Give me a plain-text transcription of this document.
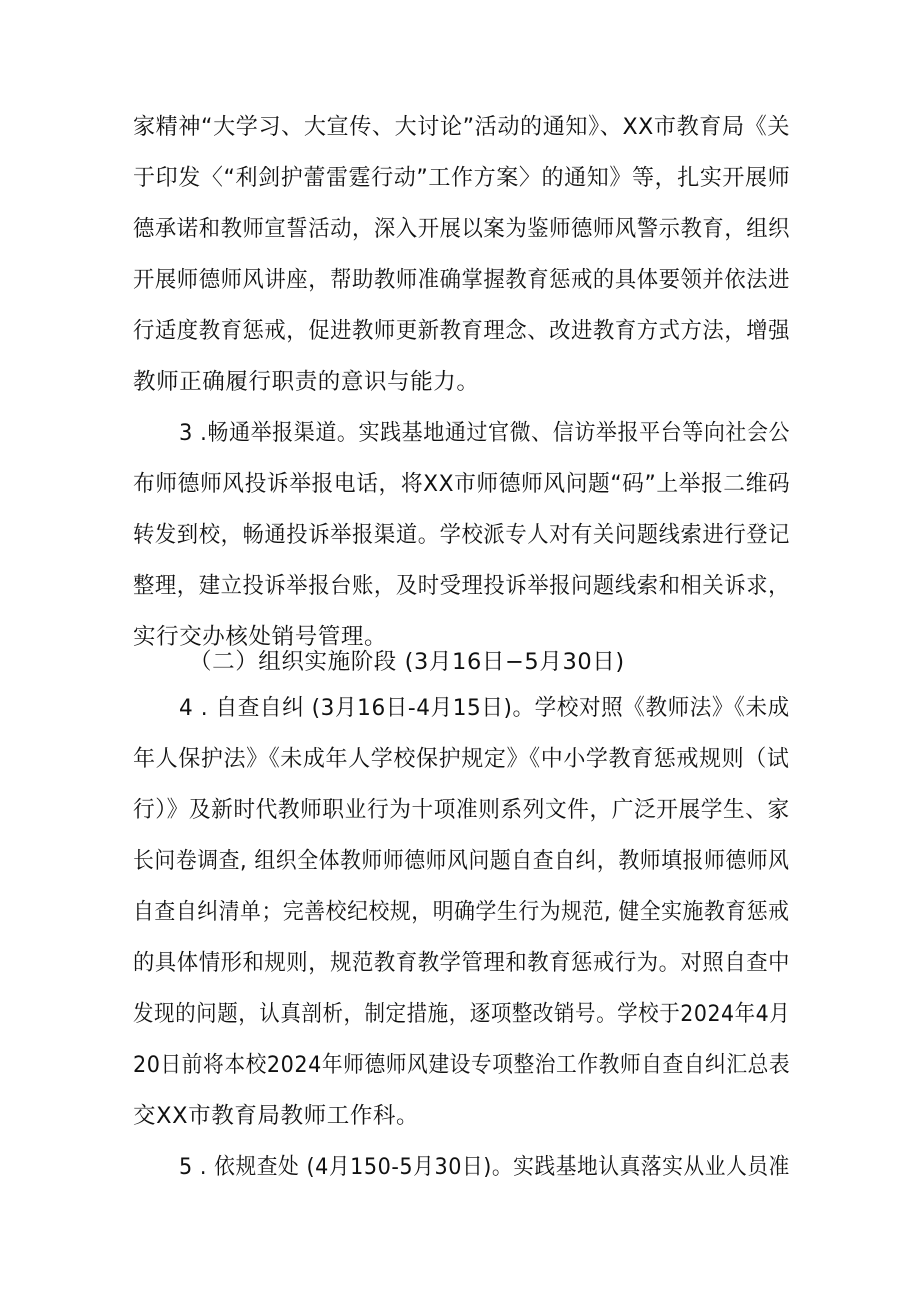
家精神“大学习、大宣传、大讨论”活动的通知》、XX市教育局《关
于印发〈“利剑护蕾雷霆行动”工作方案〉的通知》等，扎实开展师
德承诺和教师宣誓活动，深入开展以案为鉴师德师风警示教育，组织
开展师德师风讲座，帮助教师准确掌握教育惩戒的具体要领并依法进
行适度教育惩戒，促进教师更新教育理念、改进教育方式方法，增强
教师正确履行职责的意识与能力。
3 .畅通举报渠道。实践基地通过官微、信访举报平台等向社会公
布师德师风投诉举报电话，将XX市师德师风问题“码”上举报二维码
转发到校，畅通投诉举报渠道。学校派专人对有关问题线索进行登记
整理，建立投诉举报台账，及时受理投诉举报问题线索和相关诉求，
实行交办核处销号管理。
（二）组织实施阶段 (3月16日−5月30日)
4 . 自查自纠 (3月16日-4月15日)。学校对照《教师法》《未成
年人保护法》《未成年人学校保护规定》《中小学教育惩戒规则（试
行）》及新时代教师职业行为十项准则系列文件，广泛开展学生、家
长问卷调查, 组织全体教师师德师风问题自查自纠，教师填报师德师风
自查自纠清单；完善校纪校规，明确学生行为规范, 健全实施教育惩戒
的具体情形和规则，规范教育教学管理和教育惩戒行为。对照自查中
发现的问题，认真剖析，制定措施，逐项整改销号。学校于2024年4月
20日前将本校2024年师德师风建设专项整治工作教师自查自纠汇总表
交XX市教育局教师工作科。
5 . 依规查处 (4月150-5月30日)。实践基地认真落实从业人员准
